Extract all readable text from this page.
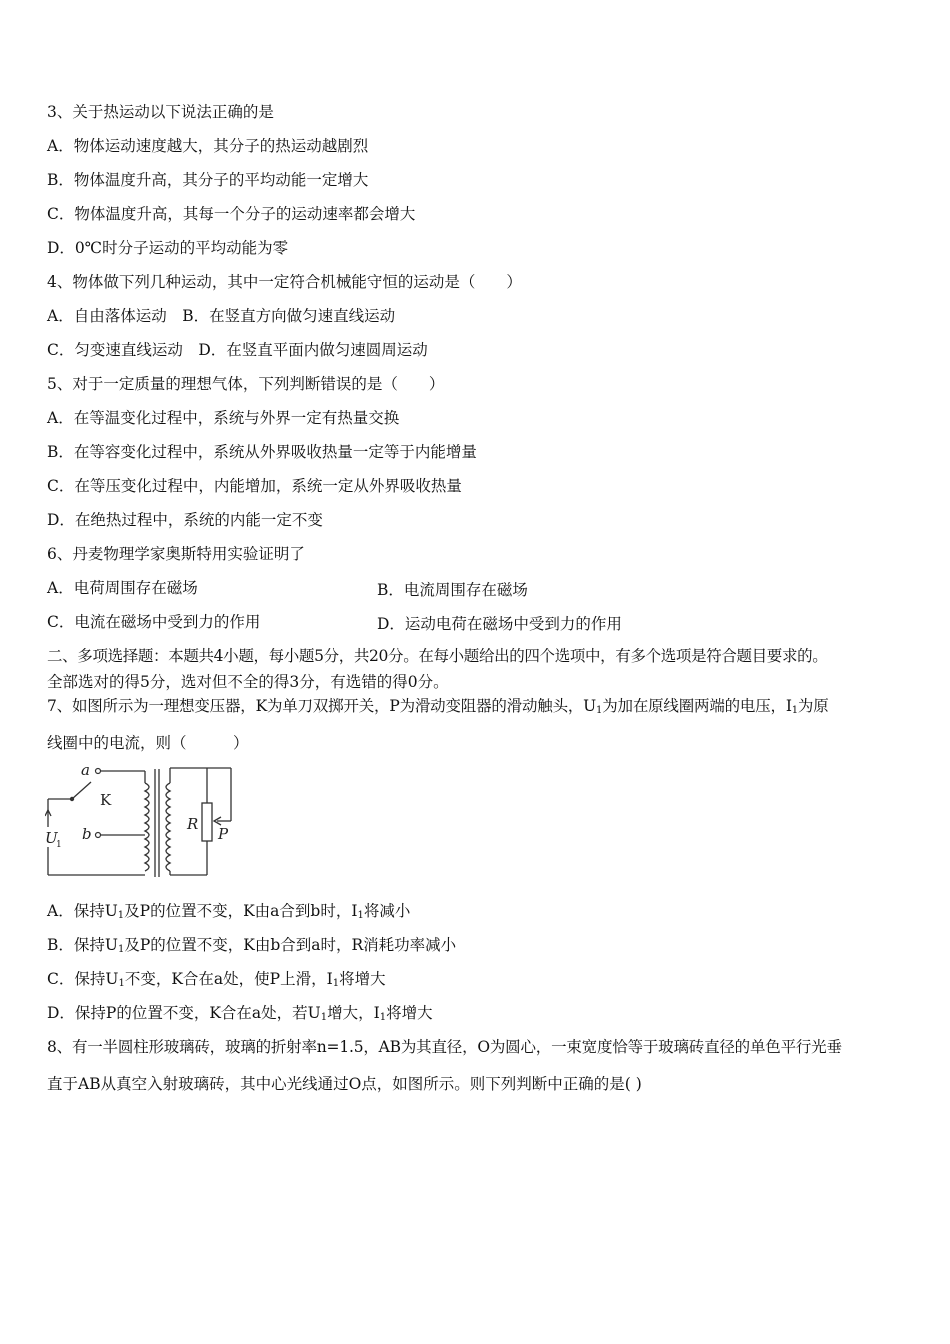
3、关于热运动以下说法正确的是
A．物体运动速度越大，其分子的热运动越剧烈
B．物体温度升高，其分子的平均动能一定增大
C．物体温度升高，其每一个分子的运动速率都会增大
D．0℃时分子运动的平均动能为零
4、物体做下列几种运动，其中一定符合机械能守恒的运动是（　　）
A．自由落体运动　B．在竖直方向做匀速直线运动
C．匀变速直线运动　D．在竖直平面内做匀速圆周运动
5、对于一定质量的理想气体，下列判断错误的是（　　）
A．在等温变化过程中，系统与外界一定有热量交换
B．在等容变化过程中，系统从外界吸收热量一定等于内能增量
C．在等压变化过程中，内能增加，系统一定从外界吸收热量
D．在绝热过程中，系统的内能一定不变
6、丹麦物理学家奥斯特用实验证明了
A．电荷周围存在磁场	B．电流周围存在磁场
C．电流在磁场中受到力的作用	D．运动电荷在磁场中受到力的作用
二、多项选择题：本题共4小题，每小题5分，共20分。在每小题给出的四个选项中，有多个选项是符合题目要求的。
全部选对的得5分，选对但不全的得3分，有选错的得0分。
7、如图所示为一理想变压器，K为单刀双掷开关，P为滑动变阻器的滑动触头，$U_1$为加在原线圈两端的电压，$I_1$为原
线圈中的电流，则（　　　）
a
b
K
R
P
U
1
A．保持$U_1$及P的位置不变，K由a合到b时，$I_1$将减小
B．保持$U_1$及P的位置不变，K由b合到a时，R消耗功率减小
C．保持$U_1$不变，K合在a处，使P上滑，$I_1$将增大
D．保持P的位置不变，K合在a处，若$U_1$增大，$I_1$将增大
8、有一半圆柱形玻璃砖，玻璃的折射率n=1.5，AB为其直径，O为圆心，一束宽度恰等于玻璃砖直径的单色平行光垂
直于AB从真空入射玻璃砖，其中心光线通过O点，如图所示。则下列判断中正确的是( )
